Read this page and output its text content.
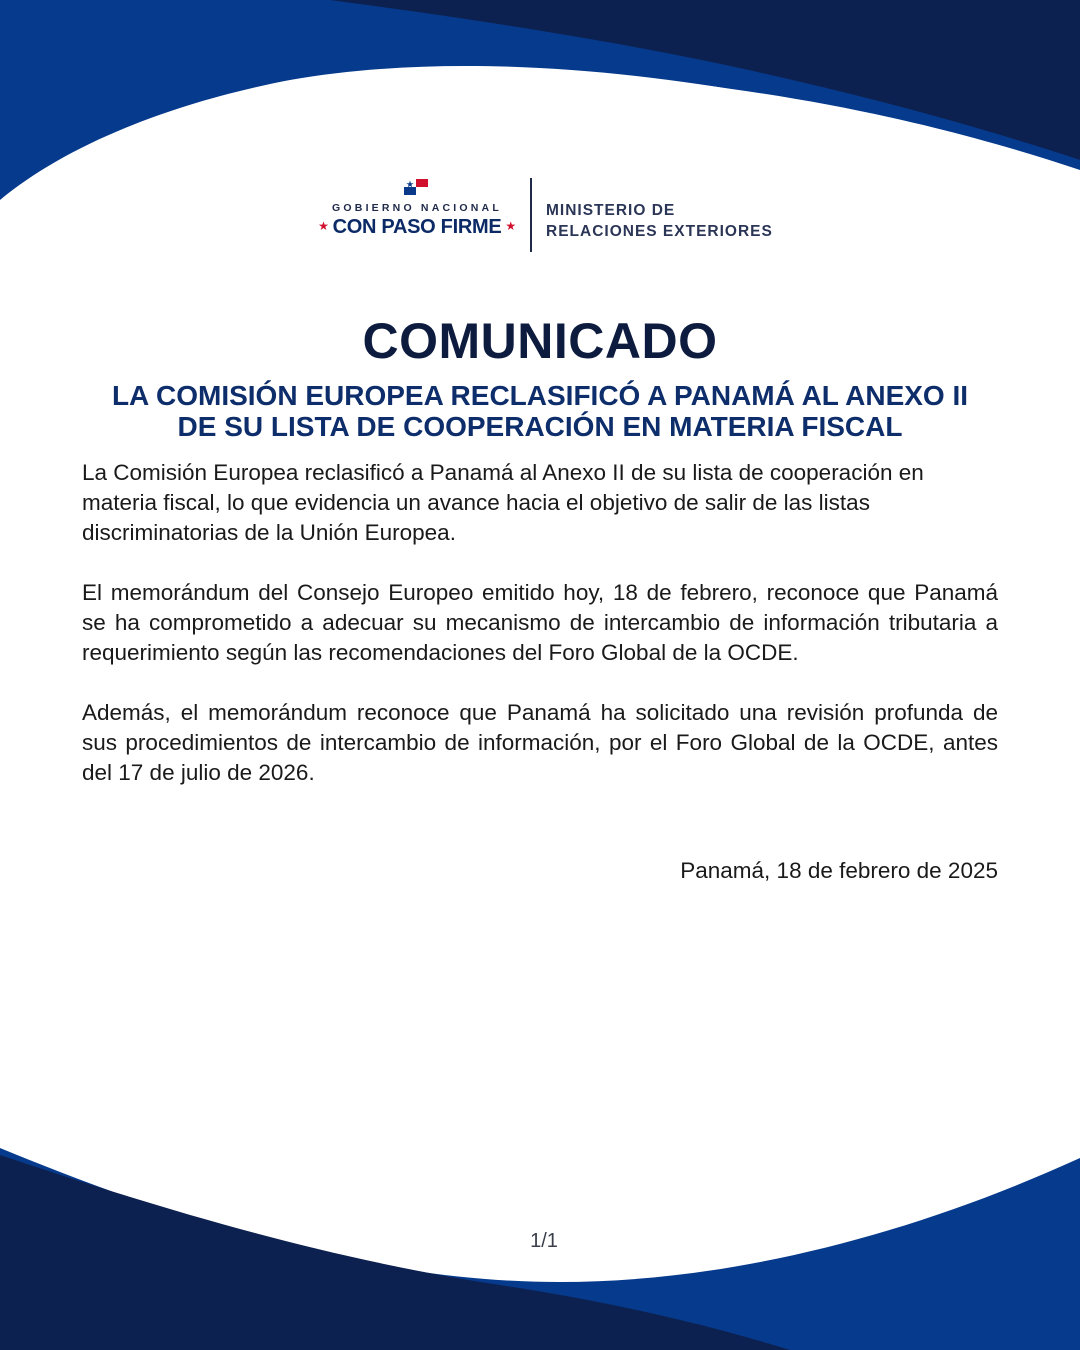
GOBIERNO NACIONAL
★ CON PASO FIRME ★
MINISTERIO DE
RELACIONES EXTERIORES
COMUNICADO
LA COMISIÓN EUROPEA RECLASIFICÓ A PANAMÁ AL ANEXO II
DE SU LISTA DE COOPERACIÓN EN MATERIA FISCAL

La Comisión Europea reclasificó a Panamá al Anexo II de su lista de cooperación en materia fiscal, lo que evidencia un avance hacia el objetivo de salir de las listas discriminatorias de la Unión Europea.

El memorándum del Consejo Europeo emitido hoy, 18 de febrero, reconoce que Panamá se ha comprometido a adecuar su mecanismo de intercambio de información tributaria a requerimiento según las recomendaciones del Foro Global de la OCDE.

Además, el memorándum reconoce que Panamá ha solicitado una revisión profunda de sus procedimientos de intercambio de información, por el Foro Global de la OCDE, antes del 17 de julio de 2026.

Panamá, 18 de febrero de 2025
1/1
